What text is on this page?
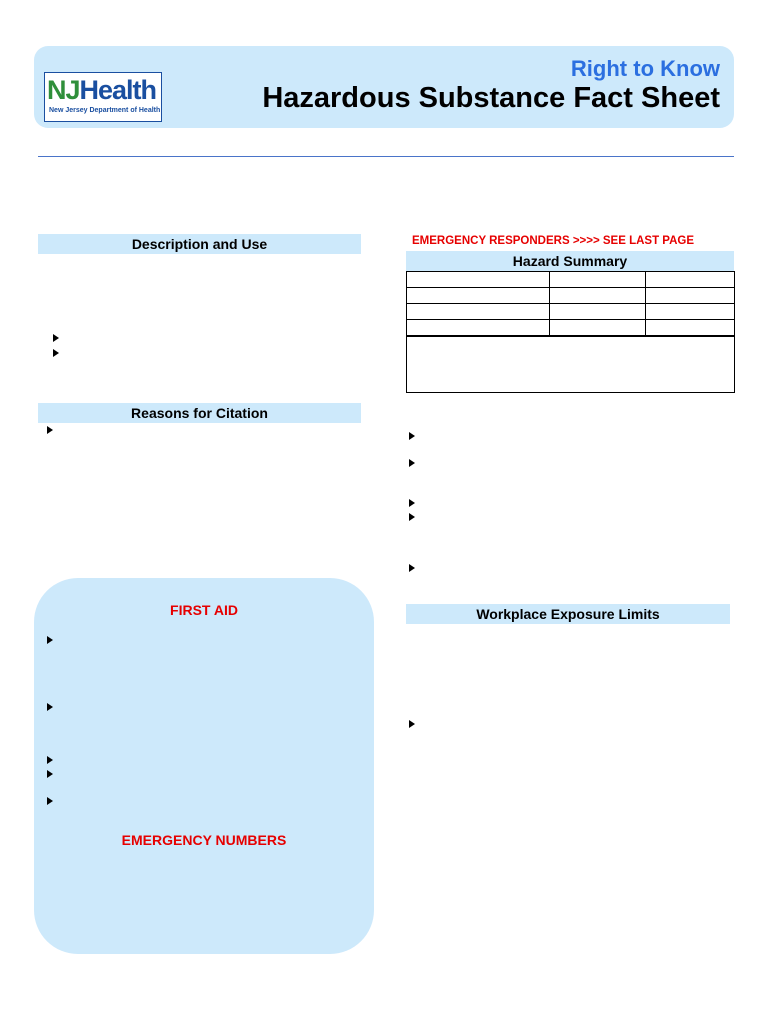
NJHealth
New Jersey Department of Health
Right to Know
Hazardous Substance Fact Sheet
Description and Use
Reasons for Citation
FIRST AID
EMERGENCY NUMBERS
EMERGENCY RESPONDERS >>>> SEE LAST PAGE
Hazard Summary

Workplace Exposure Limits
